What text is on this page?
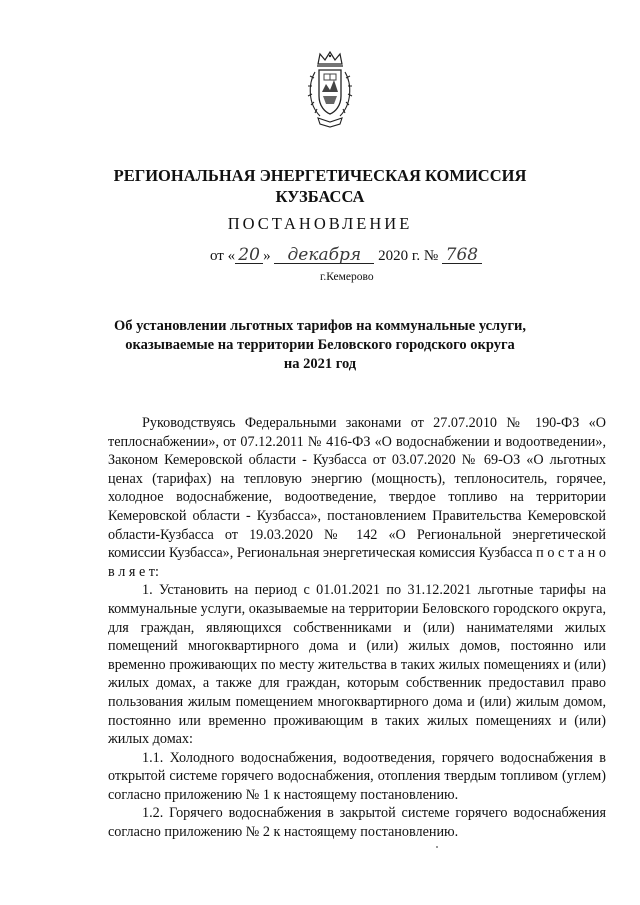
РЕГИОНАЛЬНАЯ ЭНЕРГЕТИЧЕСКАЯ КОМИССИЯ
КУЗБАССА
ПОСТАНОВЛЕНИЕ
от « 20 » декабря 2020 г. № 768
г.Кемерово
Об установлении льготных тарифов на коммунальные услуги,
оказываемые на территории Беловского городского округа
на 2021 год

Руководствуясь Федеральными законами от 27.07.2010 № 190-ФЗ «О теплоснабжении», от 07.12.2011 № 416-ФЗ «О водоснабжении и водоотведении», Законом Кемеровской области - Кузбасса от 03.07.2020 № 69-ОЗ «О льготных ценах (тарифах) на тепловую энергию (мощность), теплоноситель, горячее, холодное водоснабжение, водоотведение, твердое топливо на территории Кемеровской области - Кузбасса», постановлением Правительства Кемеровской области-Кузбасса от 19.03.2020 № 142 «О Региональной энергетической комиссии Кузбасса», Региональная энергетическая комиссия Кузбасса п о с т а н о в л я е т:

1. Установить на период с 01.01.2021 по 31.12.2021 льготные тарифы на коммунальные услуги, оказываемые на территории Беловского городского округа, для граждан, являющихся собственниками и (или) нанимателями жилых помещений многоквартирного дома и (или) жилых домов, постоянно или временно проживающих по месту жительства в таких жилых помещениях и (или) жилых домах, а также для граждан, которым собственник предоставил право пользования жилым помещением многоквартирного дома и (или) жилым домом, постоянно или временно проживающим в таких жилых помещениях и (или) жилых домах:

1.1. Холодного водоснабжения, водоотведения, горячего водоснабжения в открытой системе горячего водоснабжения, отопления твердым топливом (углем) согласно приложению № 1 к настоящему постановлению.

1.2. Горячего водоснабжения в закрытой системе горячего водоснабжения согласно приложению № 2 к настоящему постановлению.
